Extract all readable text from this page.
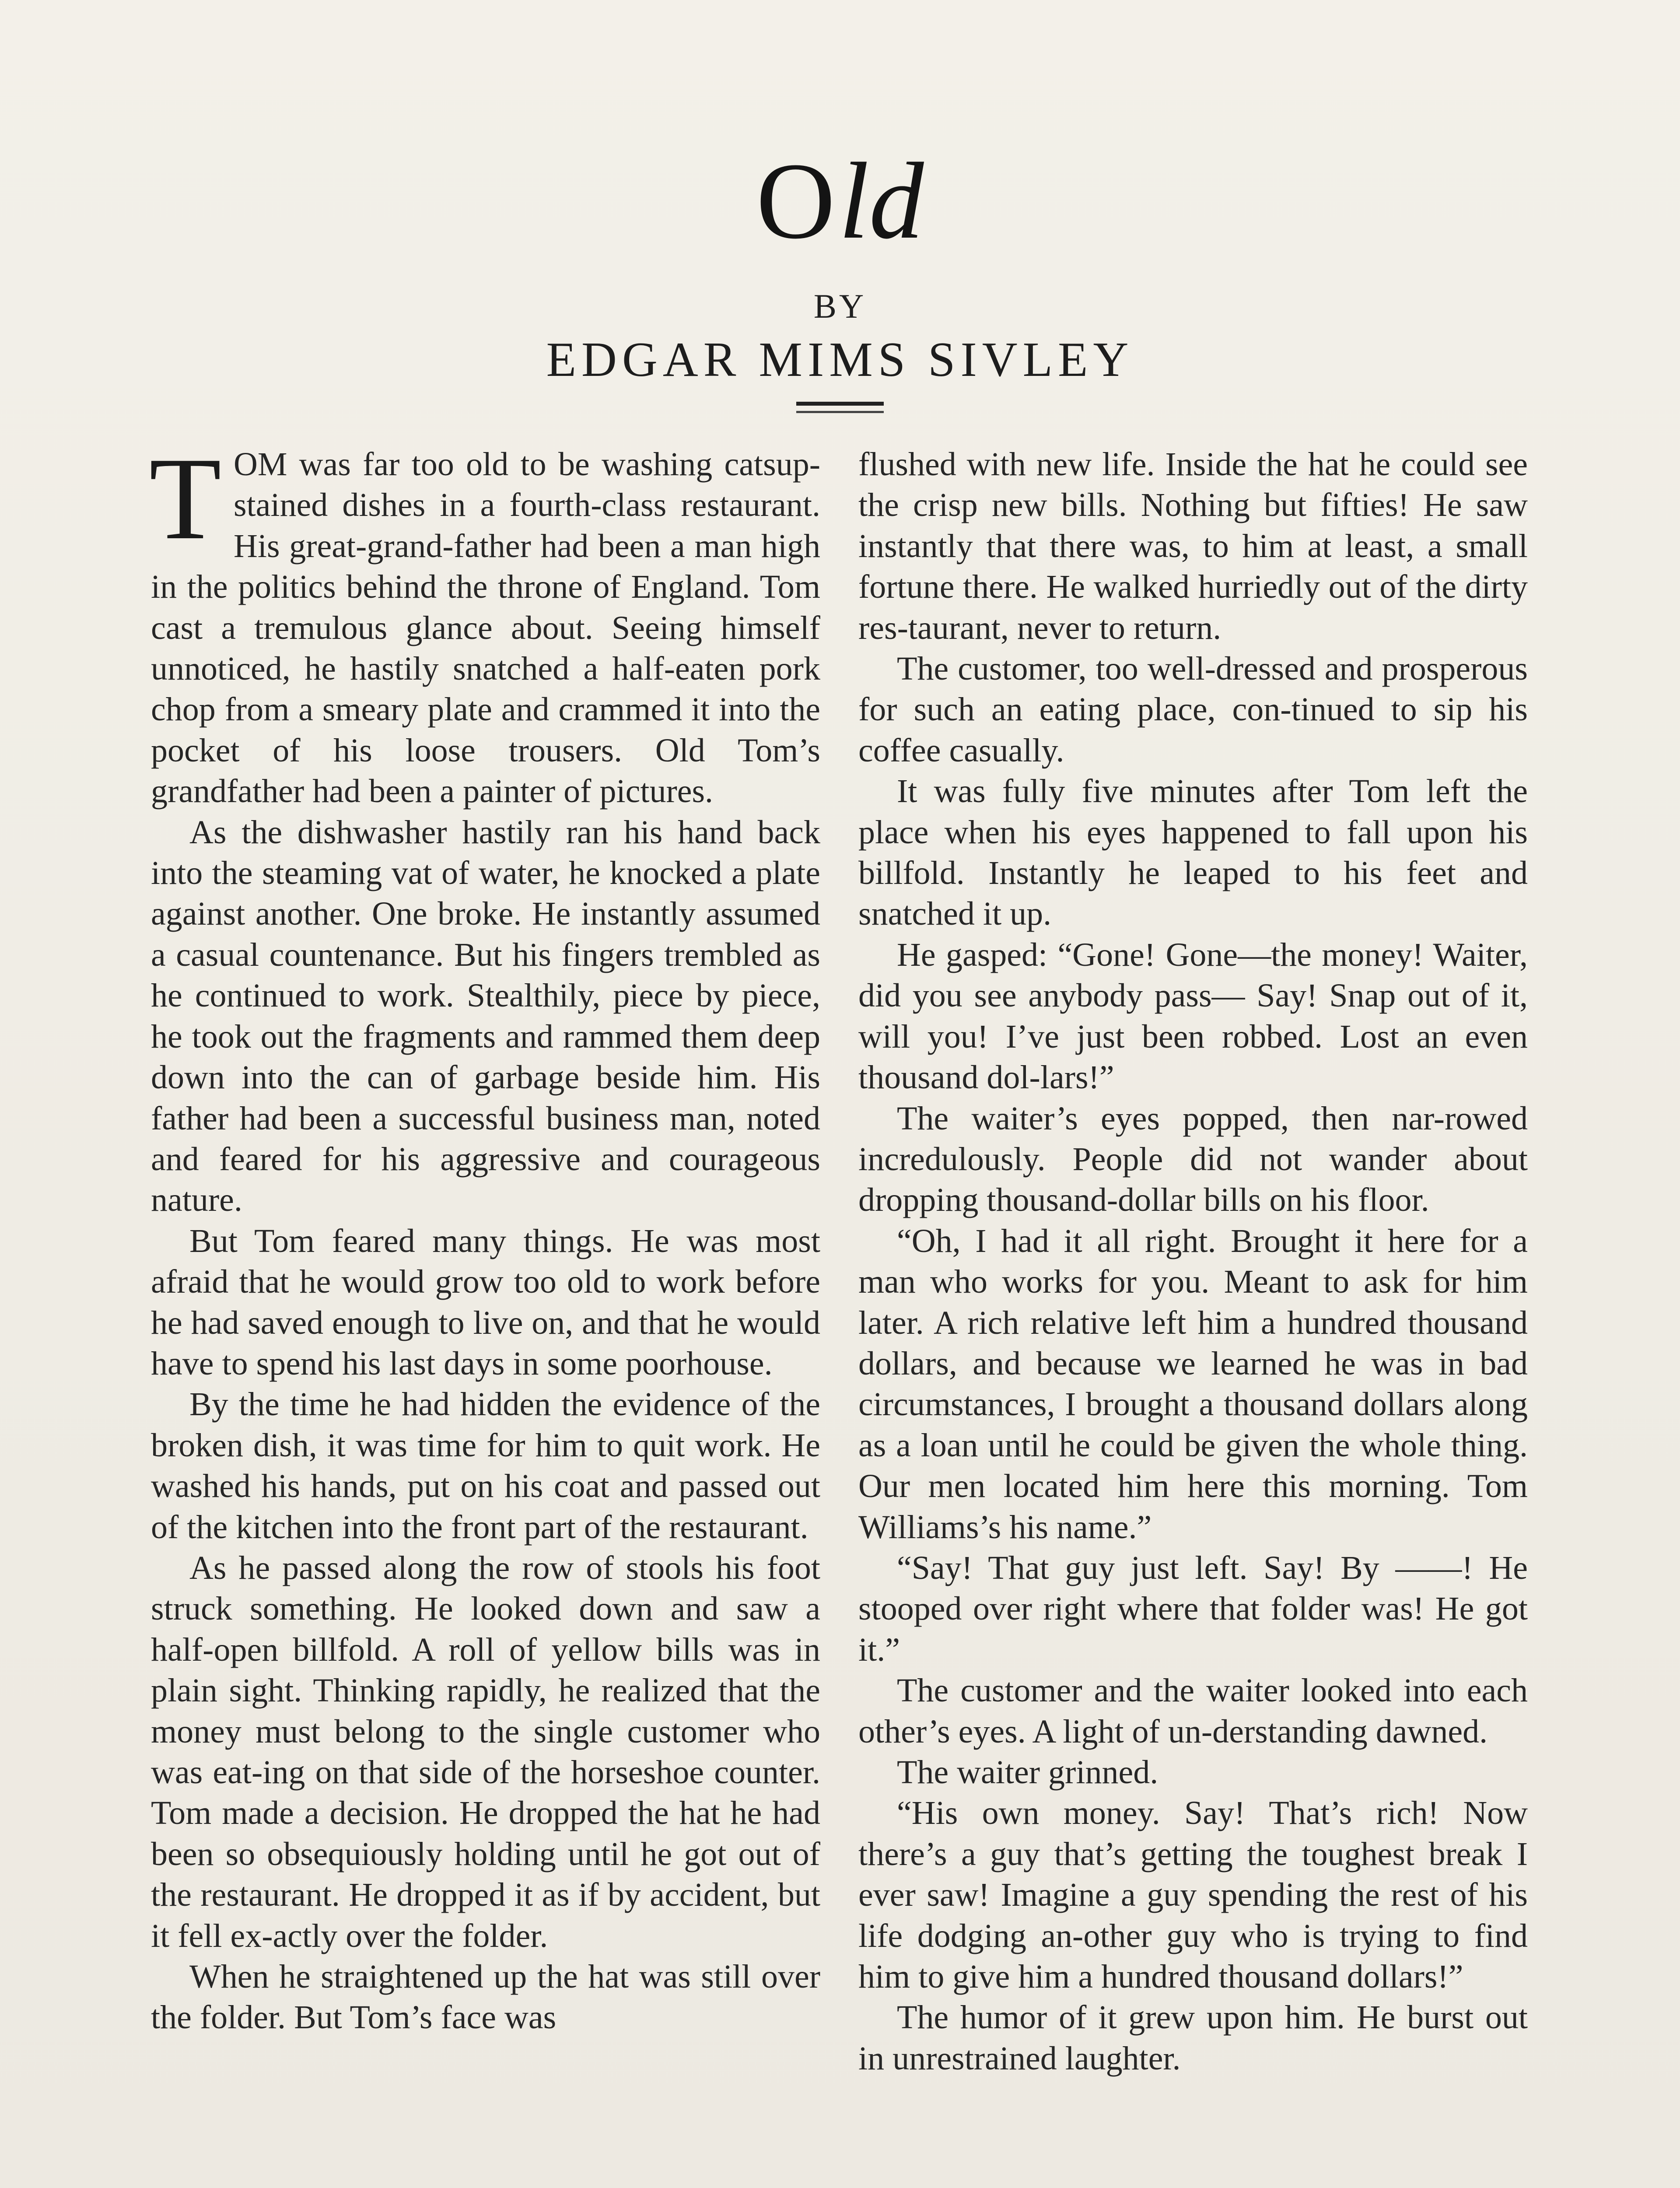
Old
BY
EDGAR MIMS SIVLEY

TOM was far too old to be washing catsup-stained dishes in a fourth-class restaurant. His great-grand-father had been a man high in the politics behind the throne of England. Tom cast a tremulous glance about. Seeing himself unnoticed, he hastily snatched a half-eaten pork chop from a smeary plate and crammed it into the pocket of his loose trousers. Old Tom’s grandfather had been a painter of pictures.

As the dishwasher hastily ran his hand back into the steaming vat of water, he knocked a plate against another. One broke. He instantly assumed a casual countenance. But his fingers trembled as he continued to work. Stealthily, piece by piece, he took out the fragments and rammed them deep down into the can of garbage beside him. His father had been a successful business man, noted and feared for his aggressive and courageous nature.

But Tom feared many things. He was most afraid that he would grow too old to work before he had saved enough to live on, and that he would have to spend his last days in some poorhouse.

By the time he had hidden the evidence of the broken dish, it was time for him to quit work. He washed his hands, put on his coat and passed out of the kitchen into the front part of the restaurant.

As he passed along the row of stools his foot struck something. He looked down and saw a half-open billfold. A roll of yellow bills was in plain sight. Thinking rapidly, he realized that the money must belong to the single customer who was eat-ing on that side of the horseshoe counter. Tom made a decision. He dropped the hat he had been so obsequiously holding until he got out of the restaurant. He dropped it as if by accident, but it fell ex-actly over the folder.

When he straightened up the hat was still over the folder. But Tom’s face was

flushed with new life. Inside the hat he could see the crisp new bills. Nothing but fifties! He saw instantly that there was, to him at least, a small fortune there. He walked hurriedly out of the dirty res-taurant, never to return.

The customer, too well-dressed and prosperous for such an eating place, con-tinued to sip his coffee casually.

It was fully five minutes after Tom left the place when his eyes happened to fall upon his billfold. Instantly he leaped to his feet and snatched it up.

He gasped: “Gone! Gone—the money! Waiter, did you see anybody pass— Say! Snap out of it, will you! I’ve just been robbed. Lost an even thousand dol-lars!”

The waiter’s eyes popped, then nar-rowed incredulously. People did not wander about dropping thousand-dollar bills on his floor.

“Oh, I had it all right. Brought it here for a man who works for you. Meant to ask for him later. A rich relative left him a hundred thousand dollars, and because we learned he was in bad circumstances, I brought a thousand dollars along as a loan until he could be given the whole thing. Our men located him here this morning. Tom Williams’s his name.”

“Say! That guy just left. Say! By ——! He stooped over right where that folder was! He got it.”

The customer and the waiter looked into each other’s eyes. A light of un-derstanding dawned.

The waiter grinned.

“His own money. Say! That’s rich! Now there’s a guy that’s getting the toughest break I ever saw! Imagine a guy spending the rest of his life dodging an-other guy who is trying to find him to give him a hundred thousand dollars!”

The humor of it grew upon him. He burst out in unrestrained laughter.
